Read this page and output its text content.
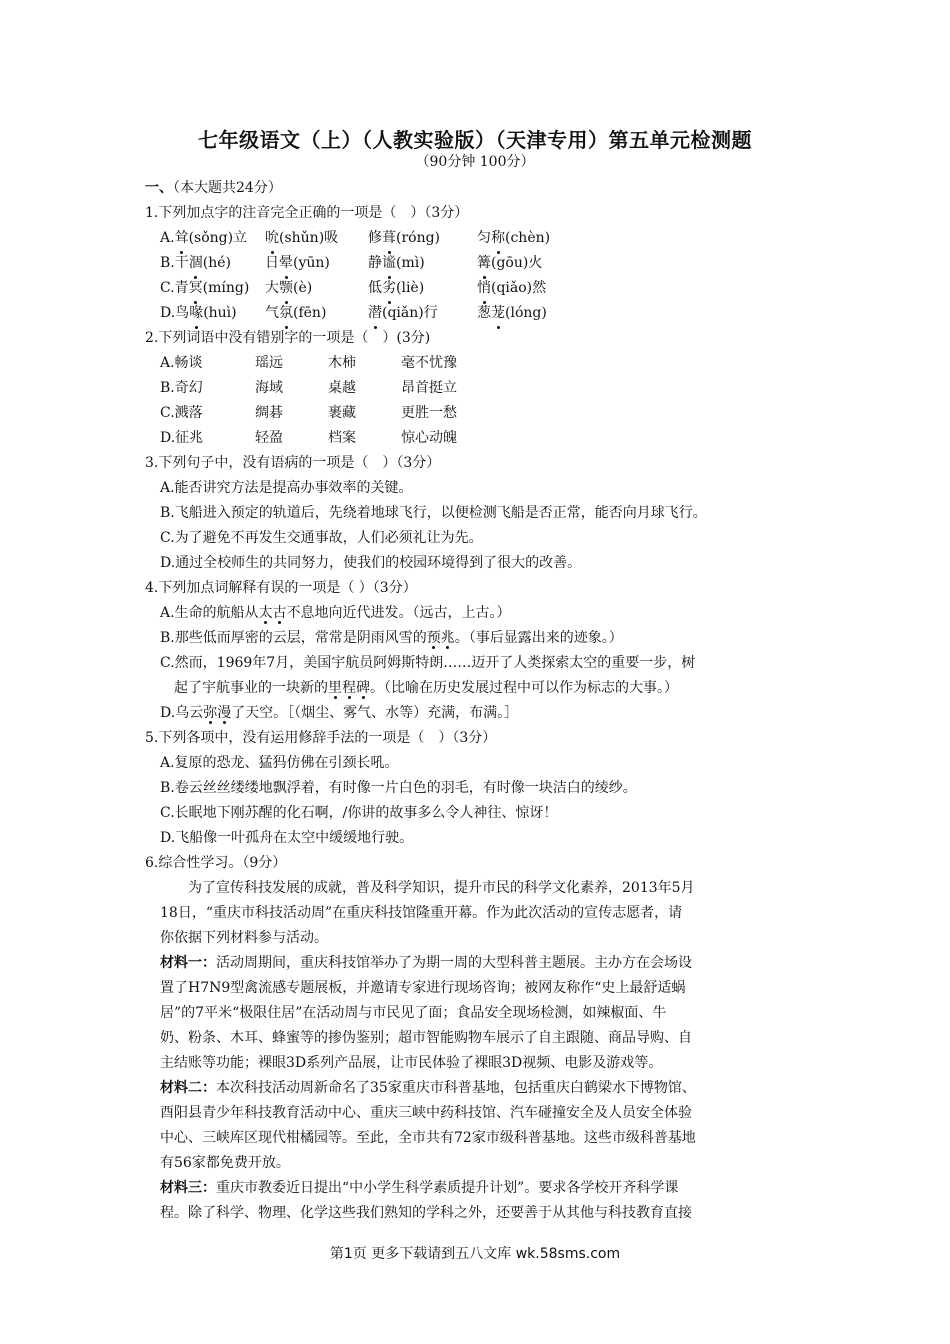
七年级语文（上）（人教实验版）（天津专用）第五单元检测题
（90分钟 100分）
一、（本大题共24分）
1.下列加点字的注音完全正确的一项是（　）（3分）
A.耸(sǒng)立	吮(shǔn)吸	修葺(róng)	匀称(chèn)
B.干涸(hé)	日晕(yūn)	静谧(mì)	篝(gōu)火
C.青冥(míng)	大颚(è)	低劣(liè)	悄(qiǎo)然
D.鸟喙(huì)	气氛(fēn)	潜(qiǎn)行	葱茏(lóng)
2.下列词语中没有错别字的一项是（　）(3分)
A.畅谈	瑶远	木柿	毫不忧豫
B.奇幻	海域	桌越	昂首挺立
C.溅落	绸碁	裹藏	更胜一愁
D.征兆	轻盈	档案	惊心动魄
3.下列句子中，没有语病的一项是（　）（3分）
A.能否讲究方法是提高办事效率的关键。
B.飞船进入预定的轨道后，先绕着地球飞行，以便检测飞船是否正常，能否向月球飞行。
C.为了避免不再发生交通事故，人们必须礼让为先。
D.通过全校师生的共同努力，使我们的校园环境得到了很大的改善。
4.下列加点词解释有误的一项是（ ）（3分）
A.生命的航船从太古不息地向近代进发。（远古，上古。）
B.那些低而厚密的云层，常常是阴雨风雪的预兆。（事后显露出来的迹象。）
C.然而，1969年7月，美国宇航员阿姆斯特朗……迈开了人类探索太空的重要一步，树
起了宇航事业的一块新的里程碑。（比喻在历史发展过程中可以作为标志的大事。）
D.乌云弥漫了天空。［（烟尘、雾气、水等）充满，布满。］
5.下列各项中，没有运用修辞手法的一项是（　）（3分）
A.复原的恐龙、猛犸仿佛在引颈长吼。
B.卷云丝丝缕缕地飘浮着，有时像一片白色的羽毛，有时像一块洁白的绫纱。
C.长眠地下刚苏醒的化石啊，/你讲的故事多么令人神往、惊讶！
D.飞船像一叶孤舟在太空中缓缓地行驶。
6.综合性学习。（9分）
为了宣传科技发展的成就，普及科学知识，提升市民的科学文化素养，2013年5月
18日，“重庆市科技活动周”在重庆科技馆隆重开幕。作为此次活动的宣传志愿者，请
你依据下列材料参与活动。
材料一：活动周期间，重庆科技馆举办了为期一周的大型科普主题展。主办方在会场设
置了H7N9型禽流感专题展板，并邀请专家进行现场咨询；被网友称作“史上最舒适蜗
居”的7平米“极限住居”在活动周与市民见了面；食品安全现场检测，如辣椒面、牛
奶、粉条、木耳、蜂蜜等的掺伪鉴别；超市智能购物车展示了自主跟随、商品导购、自
主结账等功能；裸眼3D系列产品展，让市民体验了裸眼3D视频、电影及游戏等。
材料二：本次科技活动周新命名了35家重庆市科普基地，包括重庆白鹤梁水下博物馆、
酉阳县青少年科技教育活动中心、重庆三峡中药科技馆、汽车碰撞安全及人员安全体验
中心、三峡库区现代柑橘园等。至此，全市共有72家市级科普基地。这些市级科普基地
有56家都免费开放。
材料三：重庆市教委近日提出“中小学生科学素质提升计划”。要求各学校开齐科学课
程。除了科学、物理、化学这些我们熟知的学科之外，还要善于从其他与科技教育直接
第1页 更多下载请到五八文库 wk.58sms.com
